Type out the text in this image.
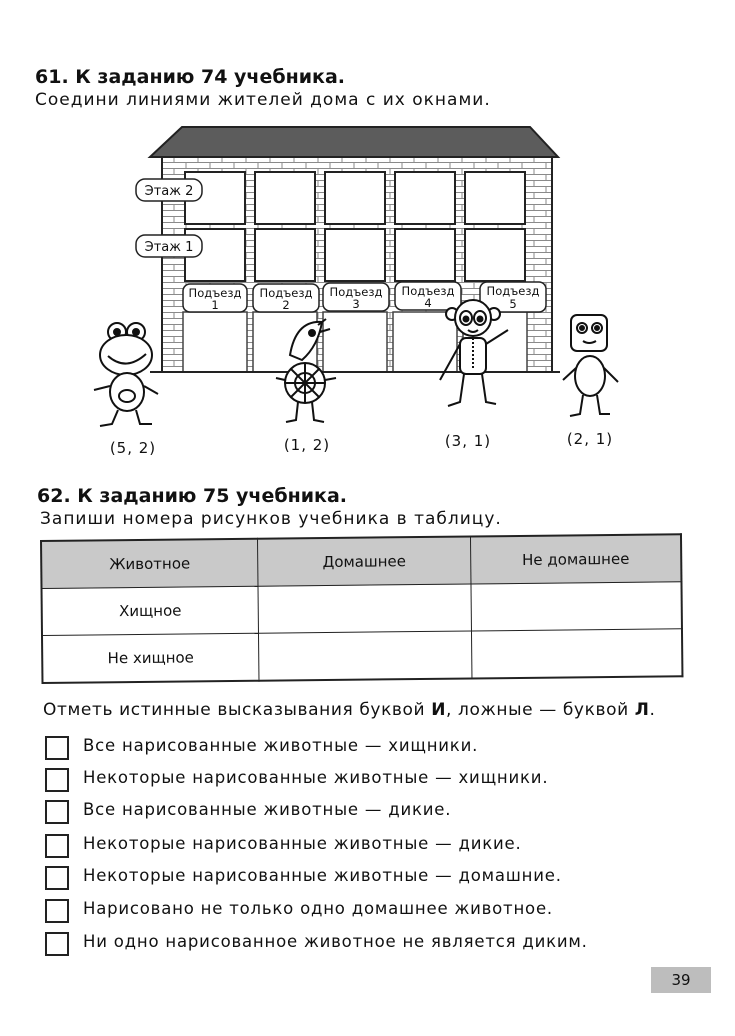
61. К заданию 74 учебника.
Соедини линиями жителей дома с их окнами.
Этаж 2
Этаж 1
Подъезд
1
Подъезд
2
Подъезд
3
Подъезд
4
Подъезд
5
(5, 2)	(1, 2)	(3, 1)	(2, 1)
62. К заданию 75 учебника.
Запиши номера рисунков учебника в таблицу.
Животное	Домашнее	Не домашнее
Хищное		
Не хищное		
Отметь истинные высказывания буквой И, ложные — буквой Л.
Все нарисованные животные — хищники.
Некоторые нарисованные животные — хищники.
Все нарисованные животные — дикие.
Некоторые нарисованные животные — дикие.
Некоторые нарисованные животные — домашние.
Нарисовано не только одно домашнее животное.
Ни одно нарисованное животное не является диким.
39
